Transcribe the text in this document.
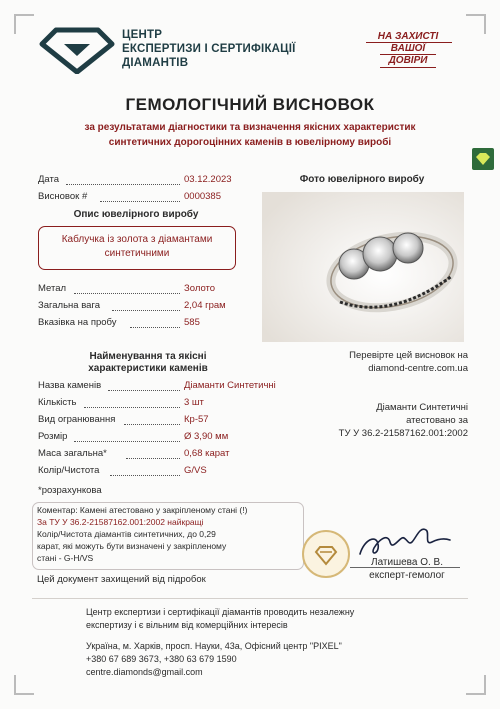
ЦЕНТР
ЕКСПЕРТИЗИ І СЕРТИФІКАЦІЇ
ДІАМАНТІВ
НА ЗАХИСТІ
ВАШОЇ
ДОВІРИ
ГЕМОЛОГІЧНИЙ ВИСНОВОК
за результатами діагностики та визначення якісних характеристик
синтетичних дорогоцінних каменів в ювелірному виробі
Дата	03.12.2023
Висновок #	0000385
Опис ювелірного виробу
Каблучка із золота з діамантами
синтетичними
Метал	Золото
Загальна вага	2,04 грам
Вказівка на пробу	585
Фото ювелірного виробу
Перевірте цей висновок на
diamond-centre.com.ua
Найменування та якісні
характеристики каменів
Назва каменів	Діаманти Синтетичні
Кількість	3 шт
Вид огранювання	Кр-57
Розмір	Ø 3,90 мм
Маса загальна*	0,68 карат
Колір/Чистота	G/VS
*розрахункова
Діаманти Синтетичні
атестовано за
ТУ У 36.2-21587162.001:2002
Коментар: Камені атестовано у закріпленому стані (!)
За ТУ У 36.2-21587162.001:2002 найкращі
Колір/Чистота діамантів синтетичних, до 0,29
карат, які можуть бути визначені у закріпленому
стані - G-H/VS
Цей документ захищений від підробок
Латишева О. В.
експерт-гемолог
Центр експертизи і сертифікації діамантів проводить незалежну
експертизу і є вільним від комерційних інтересів
Україна, м. Харків, просп. Науки, 43а, Офісний центр "PIXEL"
+380 67 689 3673, +380 63 679 1590
centre.diamonds@gmail.com
